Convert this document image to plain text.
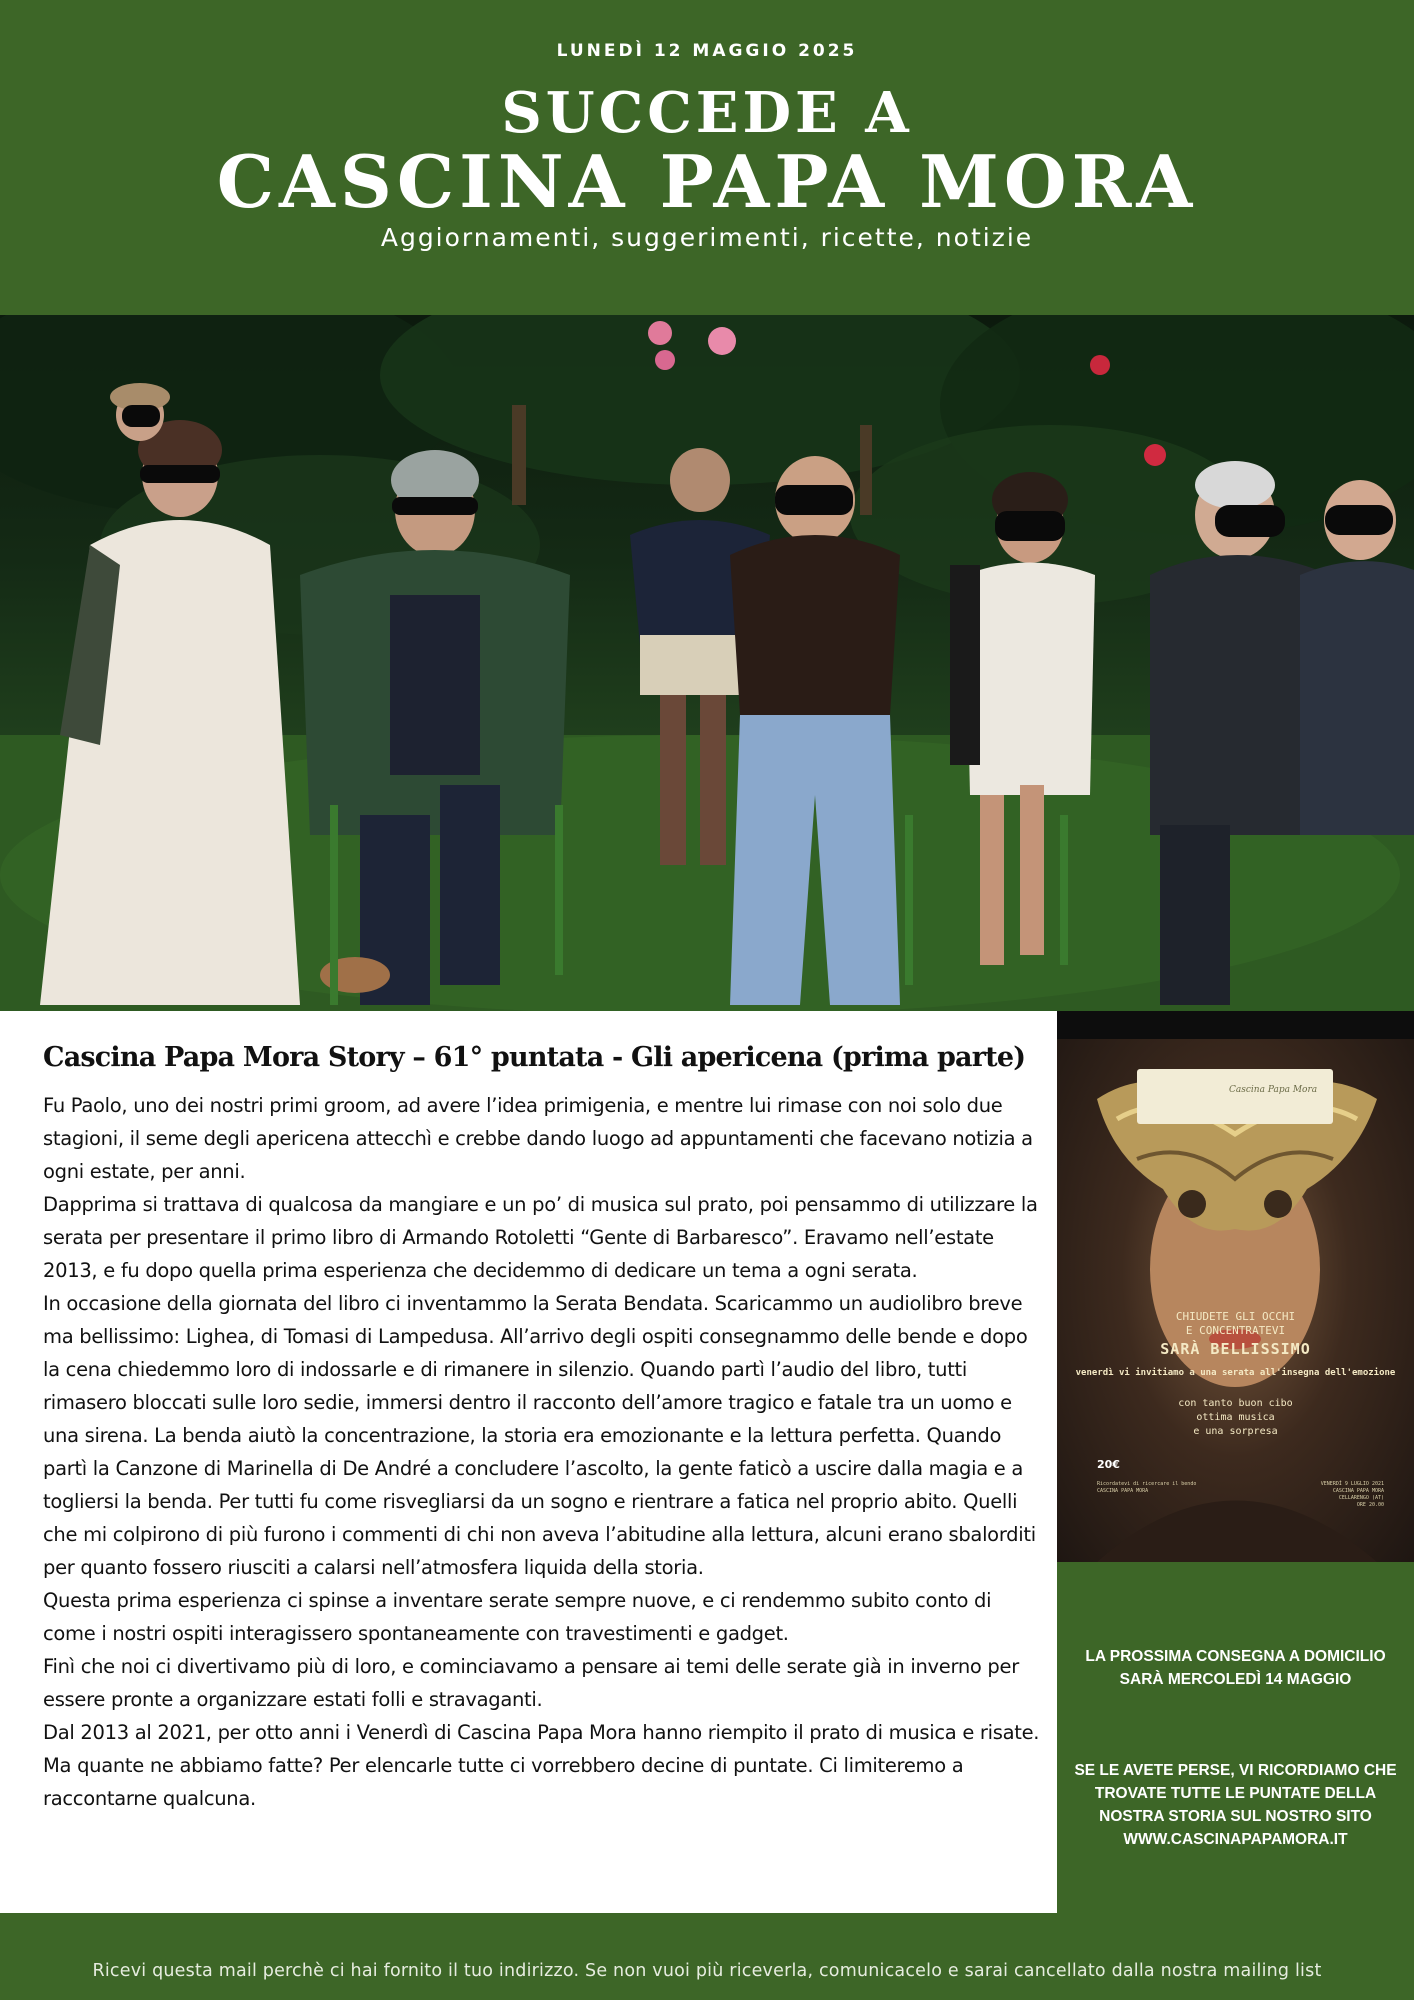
LUNEDÌ 12 MAGGIO 2025
SUCCEDE A
CASCINA PAPA MORA
Aggiornamenti, suggerimenti, ricette, notizie
Cascina Papa Mora Story – 61° puntata - Gli apericena (prima parte)

Fu Paolo, uno dei nostri primi groom, ad avere l’idea primigenia, e mentre lui rimase con noi solo due stagioni, il seme degli apericena attecchì e crebbe dando luogo ad appuntamenti che facevano notizia a ogni estate, per anni.

Dapprima si trattava di qualcosa da mangiare e un po’ di musica sul prato, poi pensammo di utilizzare la serata per presentare il primo libro di Armando Rotoletti “Gente di Barbaresco”. Eravamo nell’estate 2013, e fu dopo quella prima esperienza che decidemmo di dedicare un tema a ogni serata.

In occasione della giornata del libro ci inventammo la Serata Bendata. Scaricammo un audiolibro breve ma bellissimo: Lighea, di Tomasi di Lampedusa. All’arrivo degli ospiti consegnammo delle bende e dopo la cena chiedemmo loro di indossarle e di rimanere in silenzio. Quando partì l’audio del libro, tutti rimasero bloccati sulle loro sedie, immersi dentro il racconto dell’amore tragico e fatale tra un uomo e una sirena. La benda aiutò la concentrazione, la storia era emozionante e la lettura perfetta. Quando partì la Canzone di Marinella di De André a concludere l’ascolto, la gente faticò a uscire dalla magia e a togliersi la benda. Per tutti fu come risvegliarsi da un sogno e rientrare a fatica nel proprio abito. Quelli che mi colpirono di più furono i commenti di chi non aveva l’abitudine alla lettura, alcuni erano sbalorditi per quanto fossero riusciti a calarsi nell’atmosfera liquida della storia.

Questa prima esperienza ci spinse a inventare serate sempre nuove, e ci rendemmo subito conto di come i nostri ospiti interagissero spontaneamente con travestimenti e gadget.

Finì che noi ci divertivamo più di loro, e cominciavamo a pensare ai temi delle serate già in inverno per essere pronte a organizzare estati folli e stravaganti.

Dal 2013 al 2021, per otto anni i Venerdì di Cascina Papa Mora hanno riempito il prato di musica e risate. Ma quante ne abbiamo fatte? Per elencarle tutte ci vorrebbero decine di puntate. Ci limiteremo a raccontarne qualcuna.

Cascina Papa Mora
CHIUDETE GLI OCCHI
E CONCENTRATEVI
SARÀ BELLISSIMO
venerdì vi invitiamo a una serata all'insegna dell'emozione
con tanto buon cibo
ottima musica
e una sorpresa
20€
Ricordatevi di ricercare il bendo
CASCINA PAPA MORA
VENERDÌ 9 LUGLIO 2021
CASCINA PAPA MORA
CELLARENGO (AT)
ORE 20.00
LA PROSSIMA CONSEGNA A DOMICILIO SARÀ MERCOLEDÌ 14 MAGGIO
SE LE AVETE PERSE, VI RICORDIAMO CHE TROVATE TUTTE LE PUNTATE DELLA NOSTRA STORIA SUL NOSTRO SITO WWW.CASCINAPAPAMORA.IT

Ricevi questa mail perchè ci hai fornito il tuo indirizzo. Se non vuoi più riceverla, comunicacelo e sarai cancellato dalla nostra mailing list
